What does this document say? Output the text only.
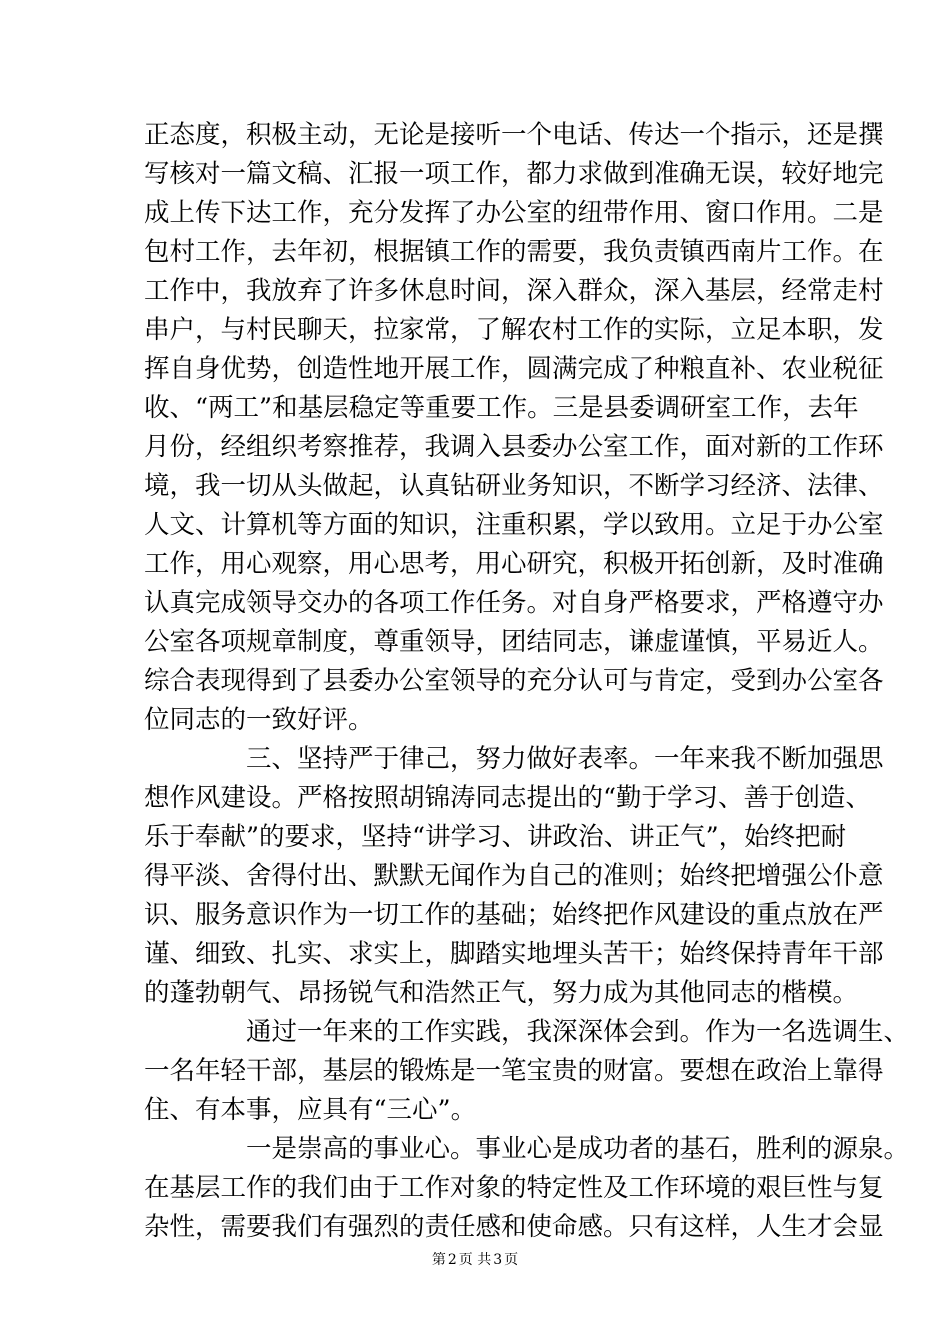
正态度，积极主动，无论是接听一个电话、传达一个指示，还是撰
写核对一篇文稿、汇报一项工作，都力求做到准确无误，较好地完
成上传下达工作，充分发挥了办公室的纽带作用、窗口作用。二是
包村工作，去年初，根据镇工作的需要，我负责镇西南片工作。在
工作中，我放弃了许多休息时间，深入群众，深入基层，经常走村
串户，与村民聊天，拉家常，了解农村工作的实际，立足本职，发
挥自身优势，创造性地开展工作，圆满完成了种粮直补、农业税征
收、“两工”和基层稳定等重要工作。三是县委调研室工作，去年
月份，经组织考察推荐，我调入县委办公室工作，面对新的工作环
境，我一切从头做起，认真钻研业务知识，不断学习经济、法律、
人文、计算机等方面的知识，注重积累，学以致用。立足于办公室
工作，用心观察，用心思考，用心研究，积极开拓创新，及时准确
认真完成领导交办的各项工作任务。对自身严格要求，严格遵守办
公室各项规章制度，尊重领导，团结同志，谦虚谨慎，平易近人。
综合表现得到了县委办公室领导的充分认可与肯定，受到办公室各
位同志的一致好评。
三、坚持严于律己，努力做好表率。一年来我不断加强思
想作风建设。严格按照胡锦涛同志提出的“勤于学习、善于创造、
乐于奉献”的要求，坚持“讲学习、讲政治、讲正气”，始终把耐
得平淡、舍得付出、默默无闻作为自己的准则；始终把增强公仆意
识、服务意识作为一切工作的基础；始终把作风建设的重点放在严
谨、细致、扎实、求实上，脚踏实地埋头苦干；始终保持青年干部
的蓬勃朝气、昂扬锐气和浩然正气，努力成为其他同志的楷模。
通过一年来的工作实践，我深深体会到。作为一名选调生、
一名年轻干部，基层的锻炼是一笔宝贵的财富。要想在政治上靠得
住、有本事，应具有“三心”。
一是崇高的事业心。事业心是成功者的基石，胜利的源泉。
在基层工作的我们由于工作对象的特定性及工作环境的艰巨性与复
杂性，需要我们有强烈的责任感和使命感。只有这样，人生才会显
第 2 页 共 3 页
